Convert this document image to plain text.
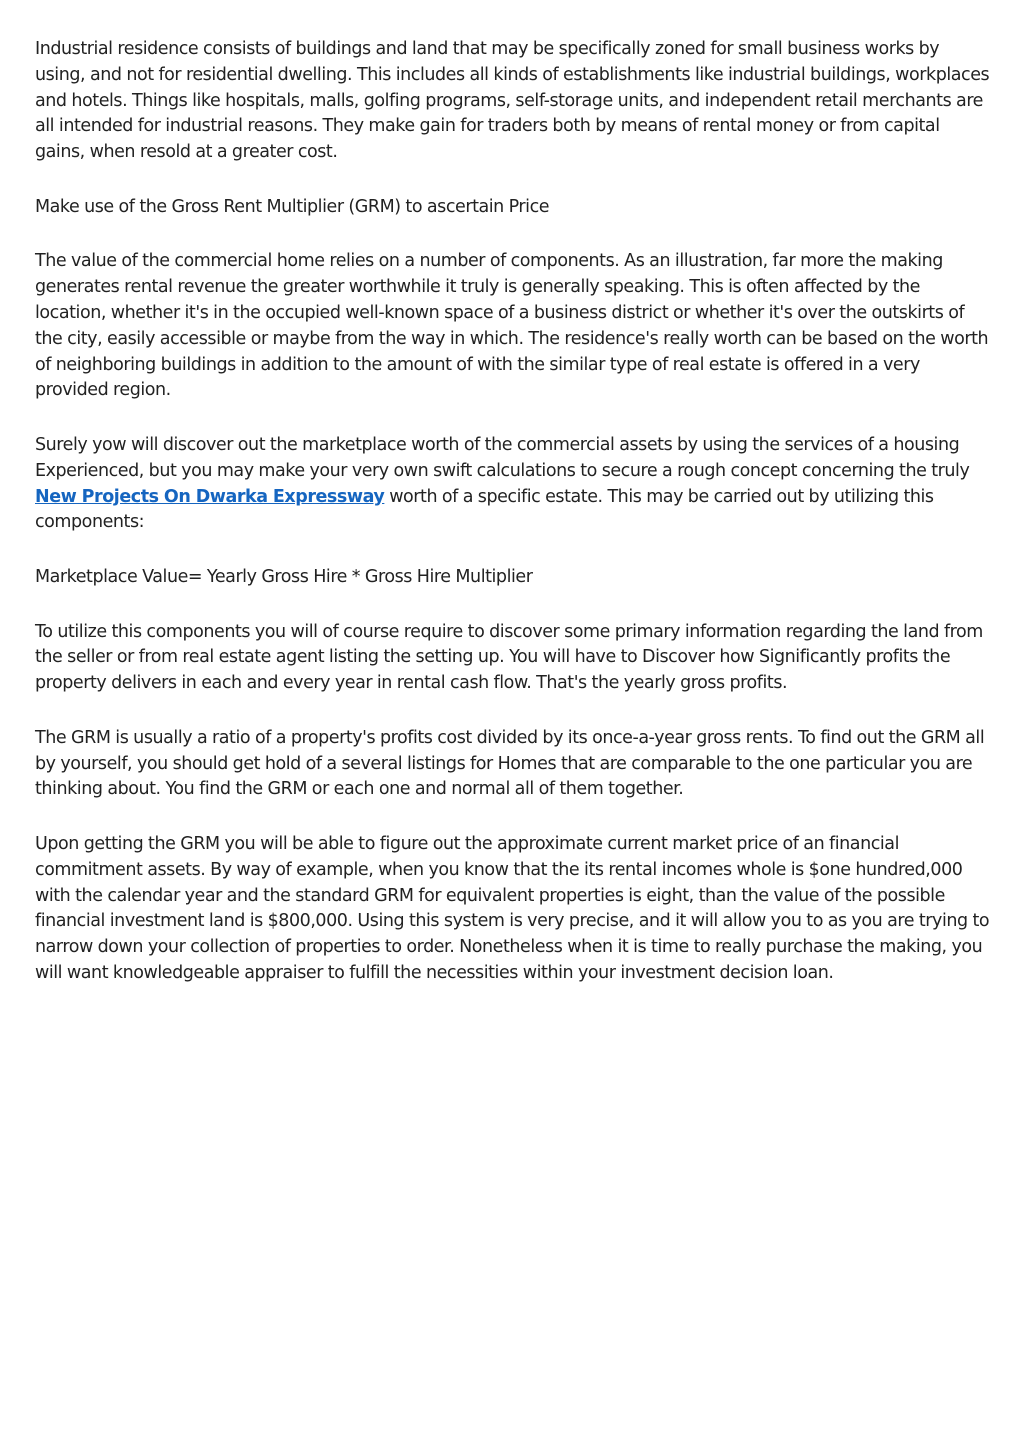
Industrial residence consists of buildings and land that may be specifically zoned for small business works by using, and not for residential dwelling. This includes all kinds of establishments like industrial buildings, workplaces and hotels. Things like hospitals, malls, golfing programs, self-storage units, and independent retail merchants are all intended for industrial reasons. They make gain for traders both by means of rental money or from capital gains, when resold at a greater cost.

Make use of the Gross Rent Multiplier (GRM) to ascertain Price

The value of the commercial home relies on a number of components. As an illustration, far more the making generates rental revenue the greater worthwhile it truly is generally speaking. This is often affected by the location, whether it's in the occupied well-known space of a business district or whether it's over the outskirts of the city, easily accessible or maybe from the way in which. The residence's really worth can be based on the worth of neighboring buildings in addition to the amount of with the similar type of real estate is offered in a very provided region.

Surely yow will discover out the marketplace worth of the commercial assets by using the services of a housing Experienced, but you may make your very own swift calculations to secure a rough concept concerning the truly New Projects On Dwarka Expressway worth of a specific estate. This may be carried out by utilizing this components:

Marketplace Value= Yearly Gross Hire * Gross Hire Multiplier

To utilize this components you will of course require to discover some primary information regarding the land from the seller or from real estate agent listing the setting up. You will have to Discover how Significantly profits the property delivers in each and every year in rental cash flow. That's the yearly gross profits.

The GRM is usually a ratio of a property's profits cost divided by its once-a-year gross rents. To find out the GRM all by yourself, you should get hold of a several listings for Homes that are comparable to the one particular you are thinking about. You find the GRM or each one and normal all of them together.

Upon getting the GRM you will be able to figure out the approximate current market price of an financial commitment assets. By way of example, when you know that the its rental incomes whole is $one hundred,000 with the calendar year and the standard GRM for equivalent properties is eight, than the value of the possible financial investment land is $800,000. Using this system is very precise, and it will allow you to as you are trying to narrow down your collection of properties to order. Nonetheless when it is time to really purchase the making, you will want knowledgeable appraiser to fulfill the necessities within your investment decision loan.
